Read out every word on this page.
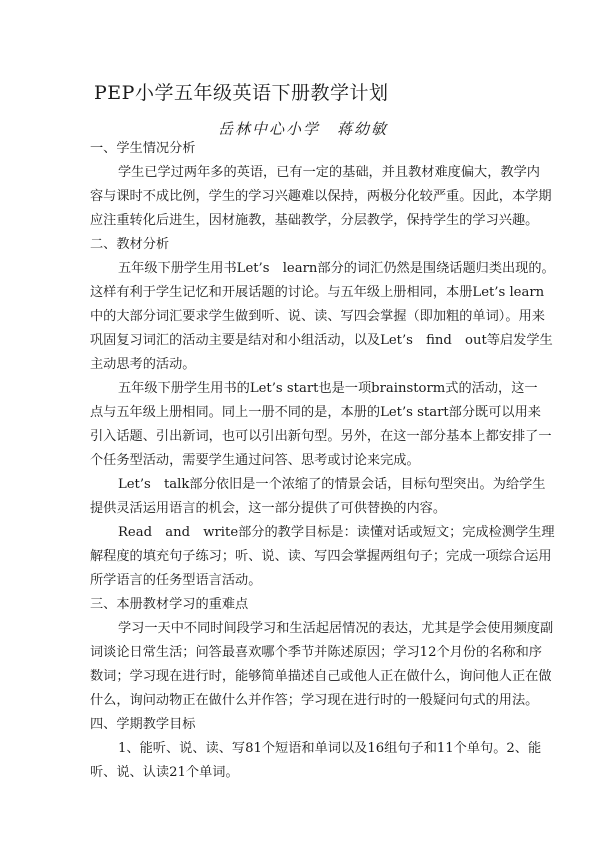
PEP小学五年级英语下册教学计划
岳林中心小学　蒋幼敏
一、学生情况分析
学生已学过两年多的英语，已有一定的基础，并且教材难度偏大，教学内
容与课时不成比例，学生的学习兴趣难以保持，两极分化较严重。因此，本学期
应注重转化后进生，因材施教，基础教学，分层教学，保持学生的学习兴趣。
二、教材分析
五年级下册学生用书Let’s　learn部分的词汇仍然是围绕话题归类出现的。
这样有利于学生记忆和开展话题的讨论。与五年级上册相同，本册Let’s learn
中的大部分词汇要求学生做到听、说、读、写四会掌握（即加粗的单词）。用来
巩固复习词汇的活动主要是结对和小组活动，以及Let’s　find　out等启发学生
主动思考的活动。
五年级下册学生用书的Let’s start也是一项brainstorm式的活动，这一
点与五年级上册相同。同上一册不同的是，本册的Let’s start部分既可以用来
引入话题、引出新词，也可以引出新句型。另外，在这一部分基本上都安排了一
个任务型活动，需要学生通过问答、思考或讨论来完成。
Let’s　talk部分依旧是一个浓缩了的情景会话，目标句型突出。为给学生
提供灵活运用语言的机会，这一部分提供了可供替换的内容。
Read　and　write部分的教学目标是：读懂对话或短文；完成检测学生理
解程度的填充句子练习；听、说、读、写四会掌握两组句子；完成一项综合运用
所学语言的任务型语言活动。
三、本册教材学习的重难点
学习一天中不同时间段学习和生活起居情况的表达，尤其是学会使用频度副
词谈论日常生活；问答最喜欢哪个季节并陈述原因；学习12个月份的名称和序
数词；学习现在进行时，能够简单描述自己或他人正在做什么，询问他人正在做
什么，询问动物正在做什么并作答；学习现在进行时的一般疑问句式的用法。
四、学期教学目标
1、能听、说、读、写81个短语和单词以及16组句子和11个单句。2、能
听、说、认读21个单词。
